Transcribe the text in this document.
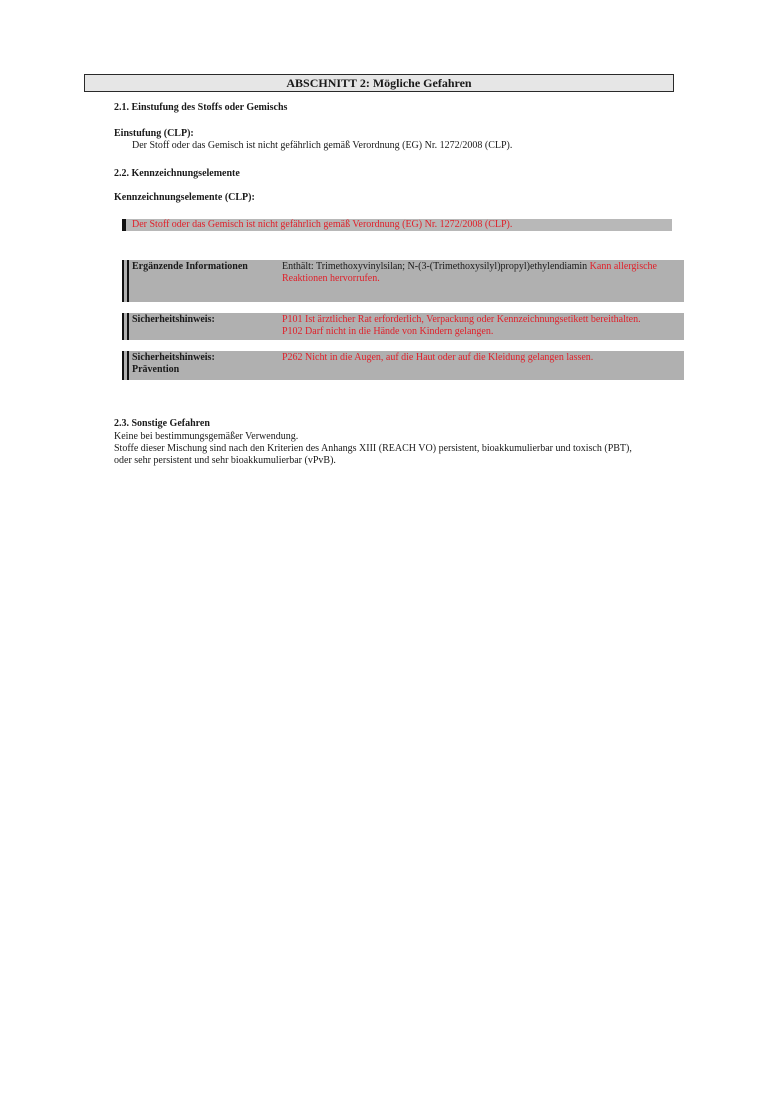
ABSCHNITT 2: Mögliche Gefahren
2.1. Einstufung des Stoffs oder Gemischs
Einstufung (CLP):
Der Stoff oder das Gemisch ist nicht gefährlich gemäß Verordnung (EG) Nr. 1272/2008 (CLP).
2.2. Kennzeichnungselemente
Kennzeichnungselemente (CLP):
Der Stoff oder das Gemisch ist nicht gefährlich gemäß Verordnung (EG) Nr. 1272/2008 (CLP).
Ergänzende Informationen	Enthält: Trimethoxyvinylsilan; N-(3-(Trimethoxysilyl)propyl)ethylendiamin Kann allergische Reaktionen hervorrufen.
Sicherheitshinweis:	P101 Ist ärztlicher Rat erforderlich, Verpackung oder Kennzeichnungsetikett bereithalten.
P102 Darf nicht in die Hände von Kindern gelangen.
Sicherheitshinweis:
Prävention
P262 Nicht in die Augen, auf die Haut oder auf die Kleidung gelangen lassen.
2.3. Sonstige Gefahren
Keine bei bestimmungsgemäßer Verwendung.
Stoffe dieser Mischung sind nach den Kriterien des Anhangs XIII (REACH VO) persistent, bioakkumulierbar und toxisch (PBT),
oder sehr persistent und sehr bioakkumulierbar (vPvB).
